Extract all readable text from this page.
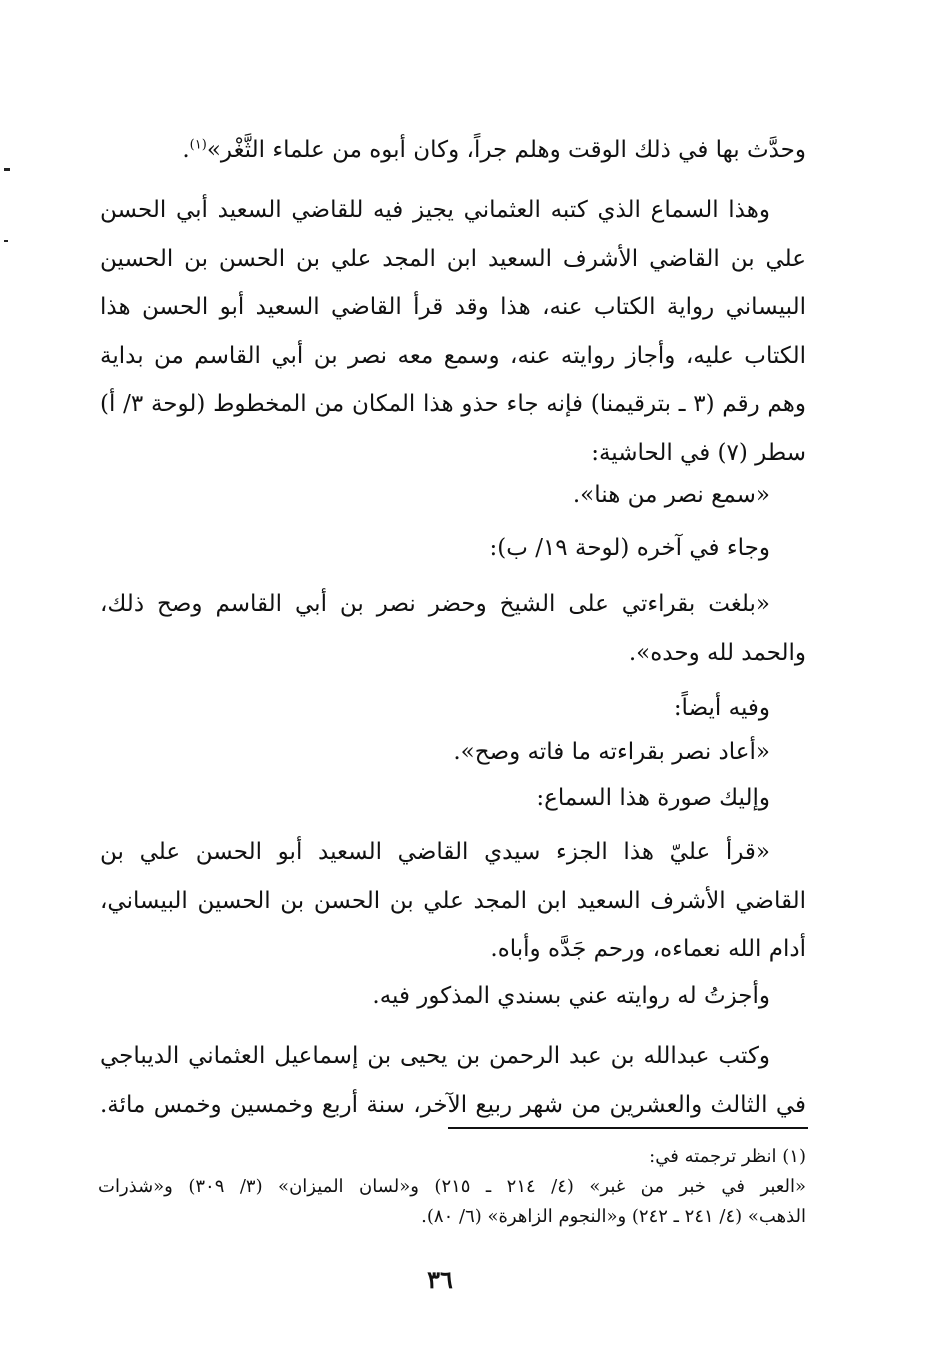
وحدَّث بها في ذلك الوقت وهلم جراً، وكان أبوه من علماء الثَّغْر»$^{(١)}$.
وهذا السماع الذي كتبه العثماني يجيز فيه للقاضي السعيد أبي الحسن
علي بن القاضي الأشرف السعيد ابن المجد علي بن الحسن بن الحسين
البيساني رواية الكتاب عنه، هذا وقد قرأ القاضي السعيد أبو الحسن هذا
الكتاب عليه، وأجاز روايته عنه، وسمع معه نصر بن أبي القاسم من بداية
وهم رقم (٣ ـ بترقيمنا) فإنه جاء حذو هذا المكان من المخطوط (لوحة ٣/ أ)
سطر (٧) في الحاشية:
«سمع نصر من هنا».
وجاء في آخره (لوحة ١٩/ ب):
«بلغت بقراءتي على الشيخ وحضر نصر بن أبي القاسم وصح ذلك،
والحمد لله وحده».
وفيه أيضاً:
«أعاد نصر بقراءته ما فاته وصح».
وإليك صورة هذا السماع:
«قرأ عليّ هذا الجزء سيدي القاضي السعيد أبو الحسن علي بن
القاضي الأشرف السعيد ابن المجد علي بن الحسن بن الحسين البيساني،
أدام الله نعماءه، ورحم جَدَّه وأباه.
وأجزتُ له روايته عني بسندي المذكور فيه.
وكتب عبدالله بن عبد الرحمن بن يحيى بن إسماعيل العثماني الديباجي
في الثالث والعشرين من شهر ربيع الآخر، سنة أربع وخمسين وخمس مائة.
(١) انظر ترجمته في:
«العبر في خبر من غبر» (٤/ ٢١٤ ـ ٢١٥) و«لسان الميزان» (٣/ ٣٠٩) و«شذرات
الذهب» (٤/ ٢٤١ ـ ٢٤٢) و«النجوم الزاهرة» (٦/ ٨٠).
٣٦
